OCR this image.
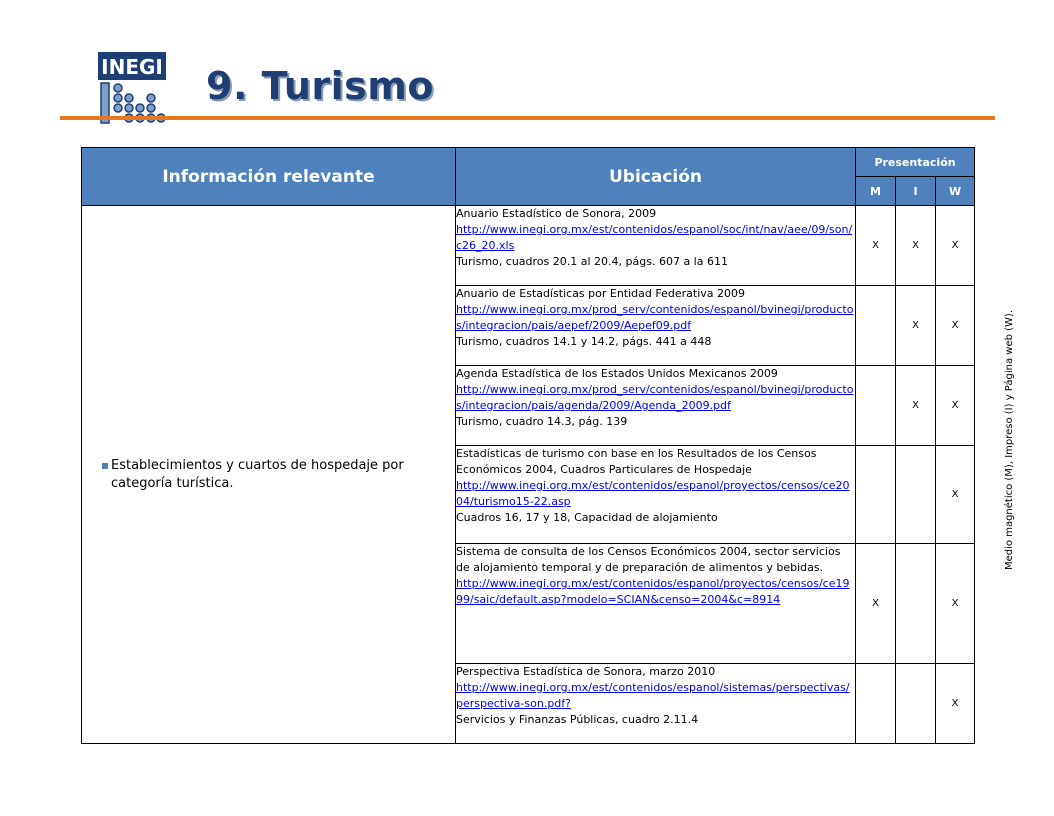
INEGI 9. Turismo
Información relevante	Ubicación	Presentación		
		M	I	W

Establecimientos y cuartos de hospedaje por categoría turística.	Anuario Estadístico de Sonora, 2009
http://www.inegi.org.mx/est/contenidos/espanol/soc/int/nav/aee/09/son/c26_20.xls
Turismo, cuadros 20.1 al 20.4, págs. 607 a la 611	X	X	X

	Anuario de Estadísticas por Entidad Federativa 2009
http://www.inegi.org.mx/prod_serv/contenidos/espanol/bvinegi/productos/integracion/pais/aepef/2009/Aepef09.pdf
Turismo, cuadros 14.1 y 14.2, págs. 441 a 448		X	X

	Agenda Estadística de los Estados Unidos Mexicanos 2009
http://www.inegi.org.mx/prod_serv/contenidos/espanol/bvinegi/productos/integracion/pais/agenda/2009/Agenda_2009.pdf
Turismo, cuadro 14.3, pág. 139		X	X

	Estadísticas de turismo con base en los Resultados de los Censos Económicos 2004, Cuadros Particulares de Hospedaje
http://www.inegi.org.mx/est/contenidos/espanol/proyectos/censos/ce2004/turismo15-22.asp
Cuadros 16, 17 y 18, Capacidad de alojamiento			X

	Sistema de consulta de los Censos Económicos 2004, sector servicios de alojamiento temporal y de preparación de alimentos y bebidas.
http://www.inegi.org.mx/est/contenidos/espanol/proyectos/censos/ce1999/saic/default.asp?modelo=SCIAN&censo=2004&c=8914	X		X

	Perspectiva Estadística de Sonora, marzo 2010
http://www.inegi.org.mx/est/contenidos/espanol/sistemas/perspectivas/perspectiva-son.pdf?
Servicios y Finanzas Públicas, cuadro 2.11.4			X
Medio magnético (M), Impreso (I) y Página web (W).
